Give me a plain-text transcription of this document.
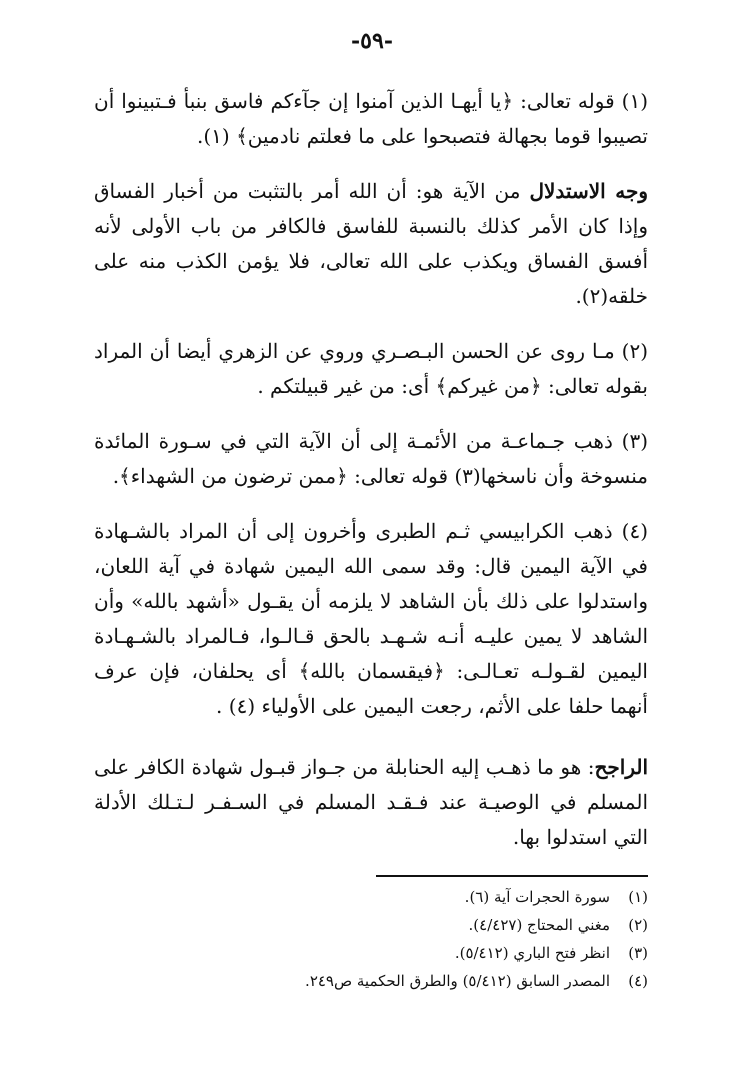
-٥٩-

(١) قوله تعالى: ﴿يا أيهـا الذين آمنوا إن جآءكم فاسق بنبأ فـتبينوا أن تصيبوا قوما بجهالة فتصبحوا على ما فعلتم نادمين﴾ (١).

وجه الاستدلال من الآية هو: أن الله أمر بالتثبت من أخبار الفساق وإذا كان الأمر كذلك بالنسبة للفاسق فالكافر من باب الأولى لأنه أفسق الفساق ويكذب على الله تعالى، فلا يؤمن الكذب منه على خلقه(٢).

(٢) مـا روى عن الحسن البـصـري وروي عن الزهري أيضا أن المراد بقوله تعالى: ﴿من غيركم﴾ أى: من غير قبيلتكم .

(٣) ذهب جـماعـة من الأئمـة إلى أن الآية التي في سـورة المائدة منسوخة وأن ناسخها(٣) قوله تعالى: ﴿ممن ترضون من الشهداء﴾.

(٤) ذهب الكرابيسي ثـم الطبرى وأخرون إلى أن المراد بالشـهادة في الآية اليمين قال: وقد سمى الله اليمين شهادة في آية اللعان، واستدلوا على ذلك بأن الشاهد لا يلزمه أن يقـول «أشهد بالله» وأن الشاهد لا يمين عليـه أنـه شـهـد بالحق قـالـوا، فـالمراد بالشـهـادة اليمين لقـولـه تعـالـى: ﴿فيقسمان بالله﴾ أى يحلفان، فإن عرف أنهما حلفا على الأثم، رجعت اليمين على الأولياء (٤) .

الراجح: هو ما ذهـب إليه الحنابلة من جـواز قبـول شهادة الكافر على المسلم في الوصيـة عند فـقـد المسلم في السـفـر لـتـلك الأدلة التي استدلوا بها.

(١)سورة الحجرات آية (٦).
(٢)مغني المحتاج (٤/٤٢٧).
(٣)انظر فتح الباري (٥/٤١٢).
(٤)المصدر السابق (٥/٤١٢) والطرق الحكمية ص٢٤٩.
